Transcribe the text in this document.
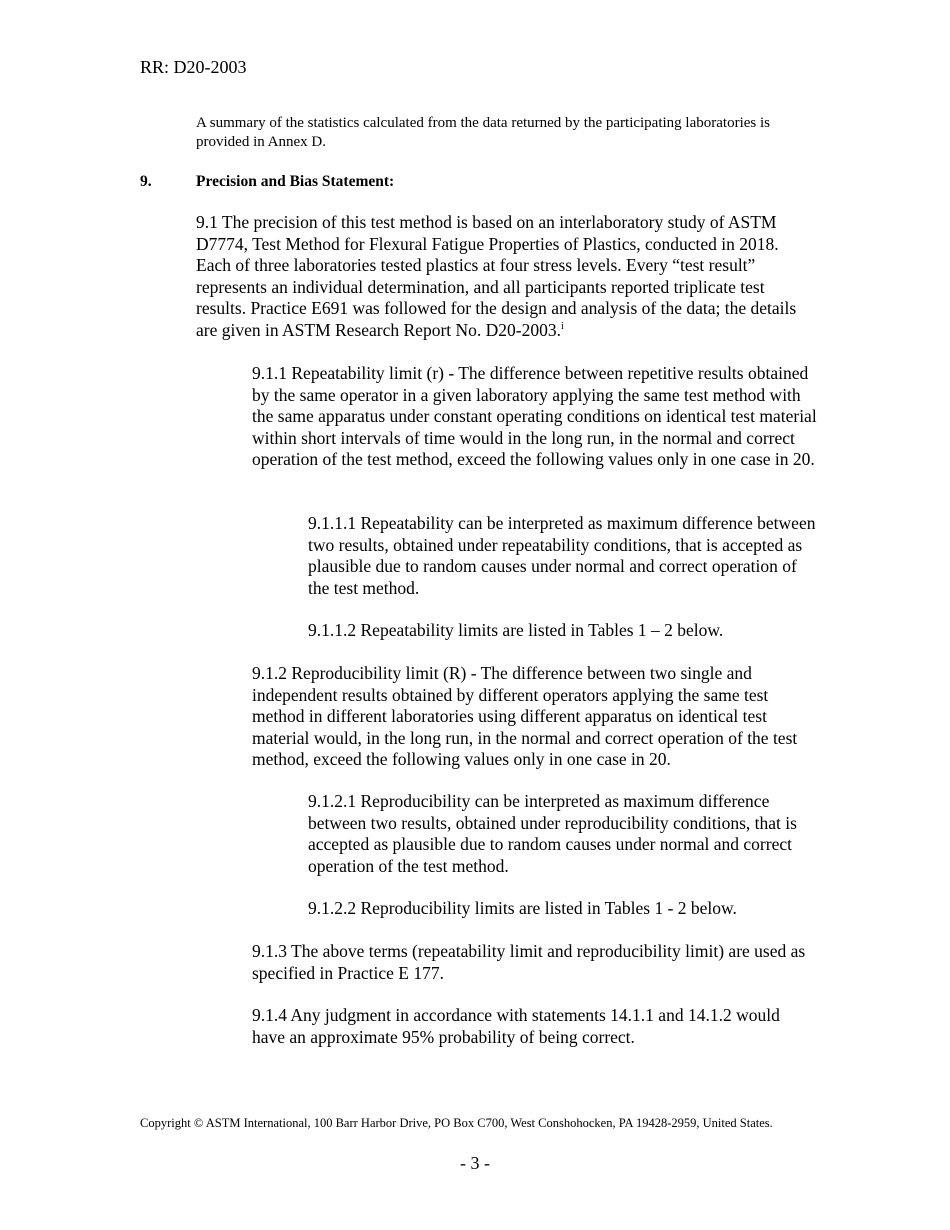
RR: D20-2003
A summary of the statistics calculated from the data returned by the participating laboratories is provided in Annex D.
9.	Precision and Bias Statement:
9.1 The precision of this test method is based on an interlaboratory study of ASTM D7774, Test Method for Flexural Fatigue Properties of Plastics, conducted in 2018. Each of three laboratories tested plastics at four stress levels. Every “test result” represents an individual determination, and all participants reported triplicate test results. Practice E691 was followed for the design and analysis of the data; the details are given in ASTM Research Report No. D20-2003.$^i$
9.1.1 Repeatability limit (r) - The difference between repetitive results obtained by the same operator in a given laboratory applying the same test method with the same apparatus under constant operating conditions on identical test material within short intervals of time would in the long run, in the normal and correct operation of the test method, exceed the following values only in one case in 20.
9.1.1.1 Repeatability can be interpreted as maximum difference between two results, obtained under repeatability conditions, that is accepted as plausible due to random causes under normal and correct operation of the test method.
9.1.1.2 Repeatability limits are listed in Tables 1 – 2 below.
9.1.2 Reproducibility limit (R) - The difference between two single and independent results obtained by different operators applying the same test method in different laboratories using different apparatus on identical test material would, in the long run, in the normal and correct operation of the test method, exceed the following values only in one case in 20.
9.1.2.1 Reproducibility can be interpreted as maximum difference between two results, obtained under reproducibility conditions, that is accepted as plausible due to random causes under normal and correct operation of the test method.
9.1.2.2 Reproducibility limits are listed in Tables 1 - 2 below.
9.1.3 The above terms (repeatability limit and reproducibility limit) are used as specified in Practice E 177.
9.1.4 Any judgment in accordance with statements 14.1.1 and 14.1.2 would have an approximate 95% probability of being correct.
Copyright © ASTM International, 100 Barr Harbor Drive, PO Box C700, West Conshohocken, PA 19428-2959, United States.
- 3 -
